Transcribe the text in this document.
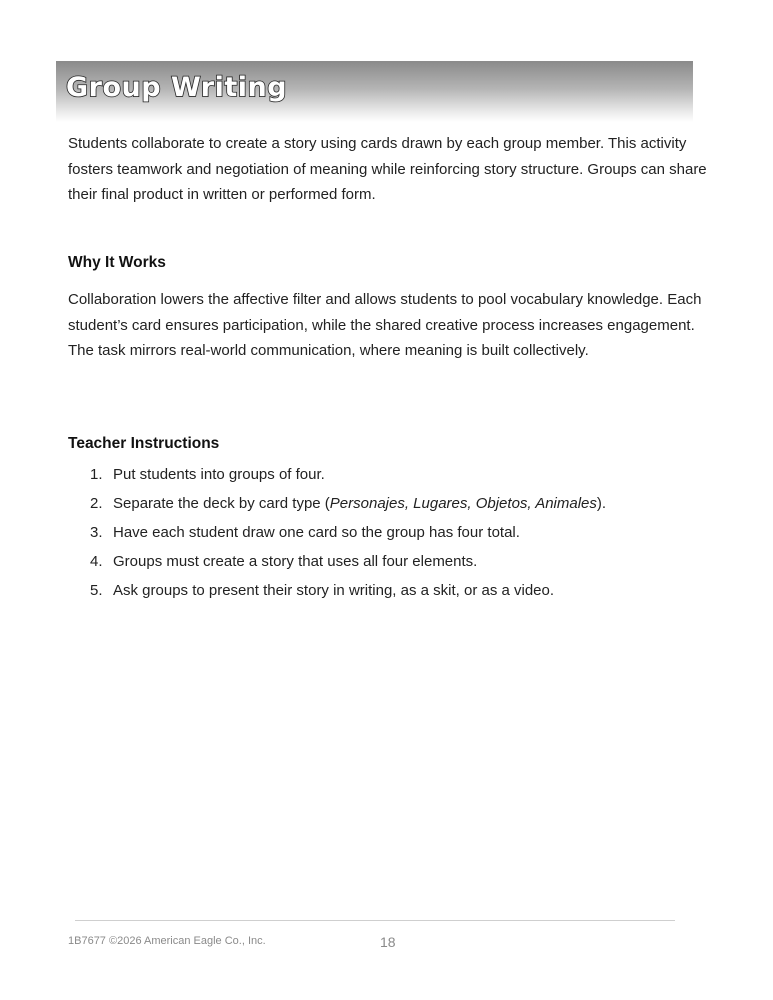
Group Writing

Students collaborate to create a story using cards drawn by each group member. This activity fosters teamwork and negotiation of meaning while reinforcing story structure. Groups can share their final product in written or performed form.

Why It Works

Collaboration lowers the affective filter and allows students to pool vocabulary knowledge. Each student’s card ensures participation, while the shared creative process increases engagement. The task mirrors real-world communication, where meaning is built collectively.

Teacher Instructions
1. Put students into groups of four.
2. Separate the deck by card type (Personajes, Lugares, Objetos, Animales).
3. Have each student draw one card so the group has four total.
4. Groups must create a story that uses all four elements.
5. Ask groups to present their story in writing, as a skit, or as a video.
1B7677 ©2026 American Eagle Co., Inc.	18
